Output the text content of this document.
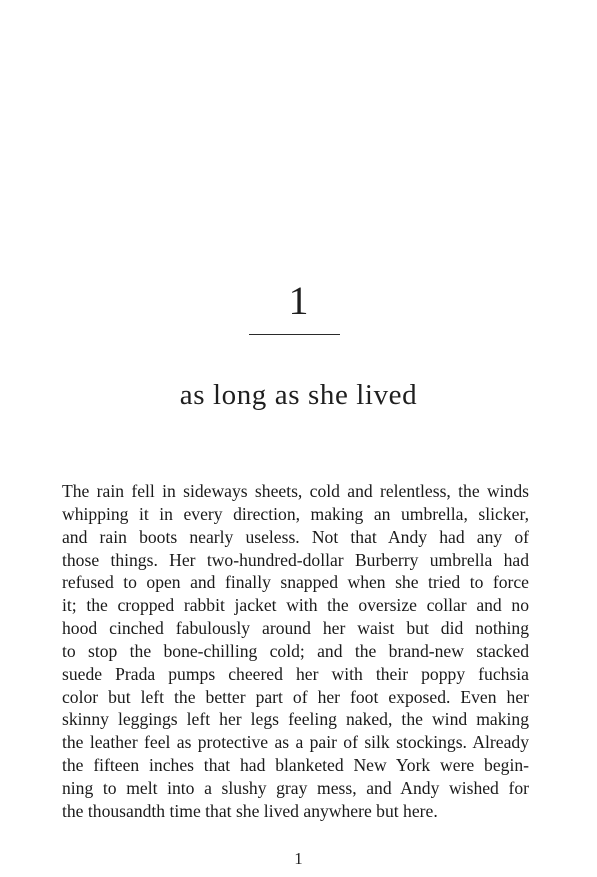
1
as long as she lived
The rain fell in sideways sheets, cold and relentless, the winds
whipping it in every direction, making an umbrella, slicker,
and rain boots nearly useless. Not that Andy had any of
those things. Her two-hundred-dollar Burberry umbrella had
refused to open and finally snapped when she tried to force
it; the cropped rabbit jacket with the oversize collar and no
hood cinched fabulously around her waist but did nothing
to stop the bone-chilling cold; and the brand-new stacked
suede Prada pumps cheered her with their poppy fuchsia
color but left the better part of her foot exposed. Even her
skinny leggings left her legs feeling naked, the wind making
the leather feel as protective as a pair of silk stockings. Already
the fifteen inches that had blanketed New York were begin-
ning to melt into a slushy gray mess, and Andy wished for
the thousandth time that she lived anywhere but here.
1
